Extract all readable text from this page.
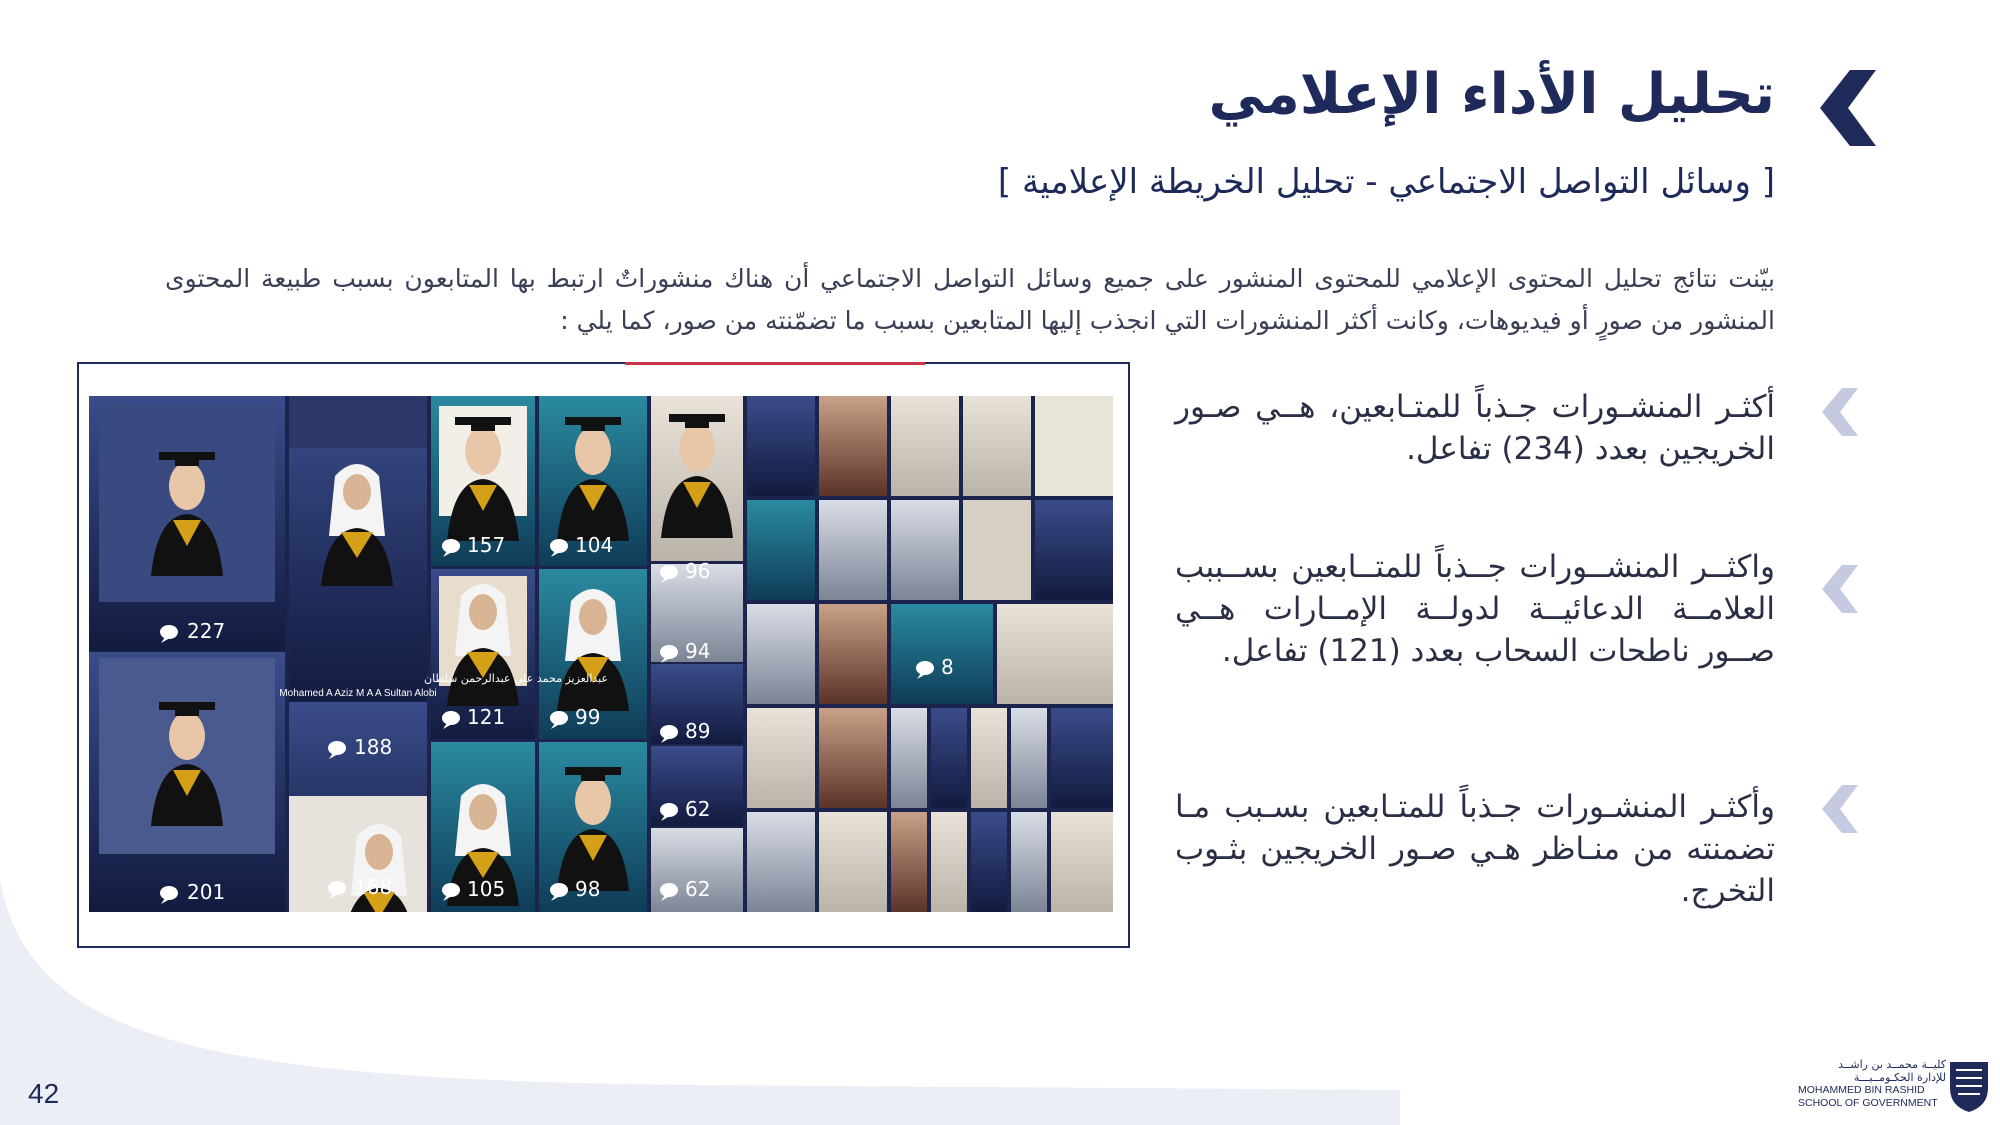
تحليل الأداء الإعلامي
[ وسائل التواصل الاجتماعي - تحليل الخريطة الإعلامية ]

بيّنت نتائج تحليل المحتوى الإعلامي للمحتوى المنشور على جميع وسائل التواصل الاجتماعي أن هناك منشوراتٌ ارتبط بها المتابعون بسبب طبيعة المحتوى المنشور من صورٍ أو فيديوهات، وكانت أكثر المنشورات التي انجذب إليها المتابعين بسبب ما تضمّنته من صور، كما يلي :

عبدالعزيز محمد علي عبدالرحمن سلطان
Mohamed A Aziz M A A Sultan Alobi
227
201
188
168
157
121
105
104
99
98
96
94
89
62
62
8

أكثـر المنشـورات جـذباً للمتـابعين، هــي صـور الخريجين بعدد (234) تفاعل.

واكثــر المنشــورات جــذباً للمتــابعين بســببب العلامــة الدعائيــة لدولــة الإمــارات هــي صــور ناطحات السحاب بعدد (121) تفاعل.

وأكثـر المنشـورات جـذباً للمتـابعين بسـبب مـا تضمنته من منـاظر هـي صـور الخريجين بثـوب التخرج.

42
كليــة محمــد بن راشــد
للإدارة الحكـومــيـــة
MOHAMMED BIN RASHID
SCHOOL OF GOVERNMENT
